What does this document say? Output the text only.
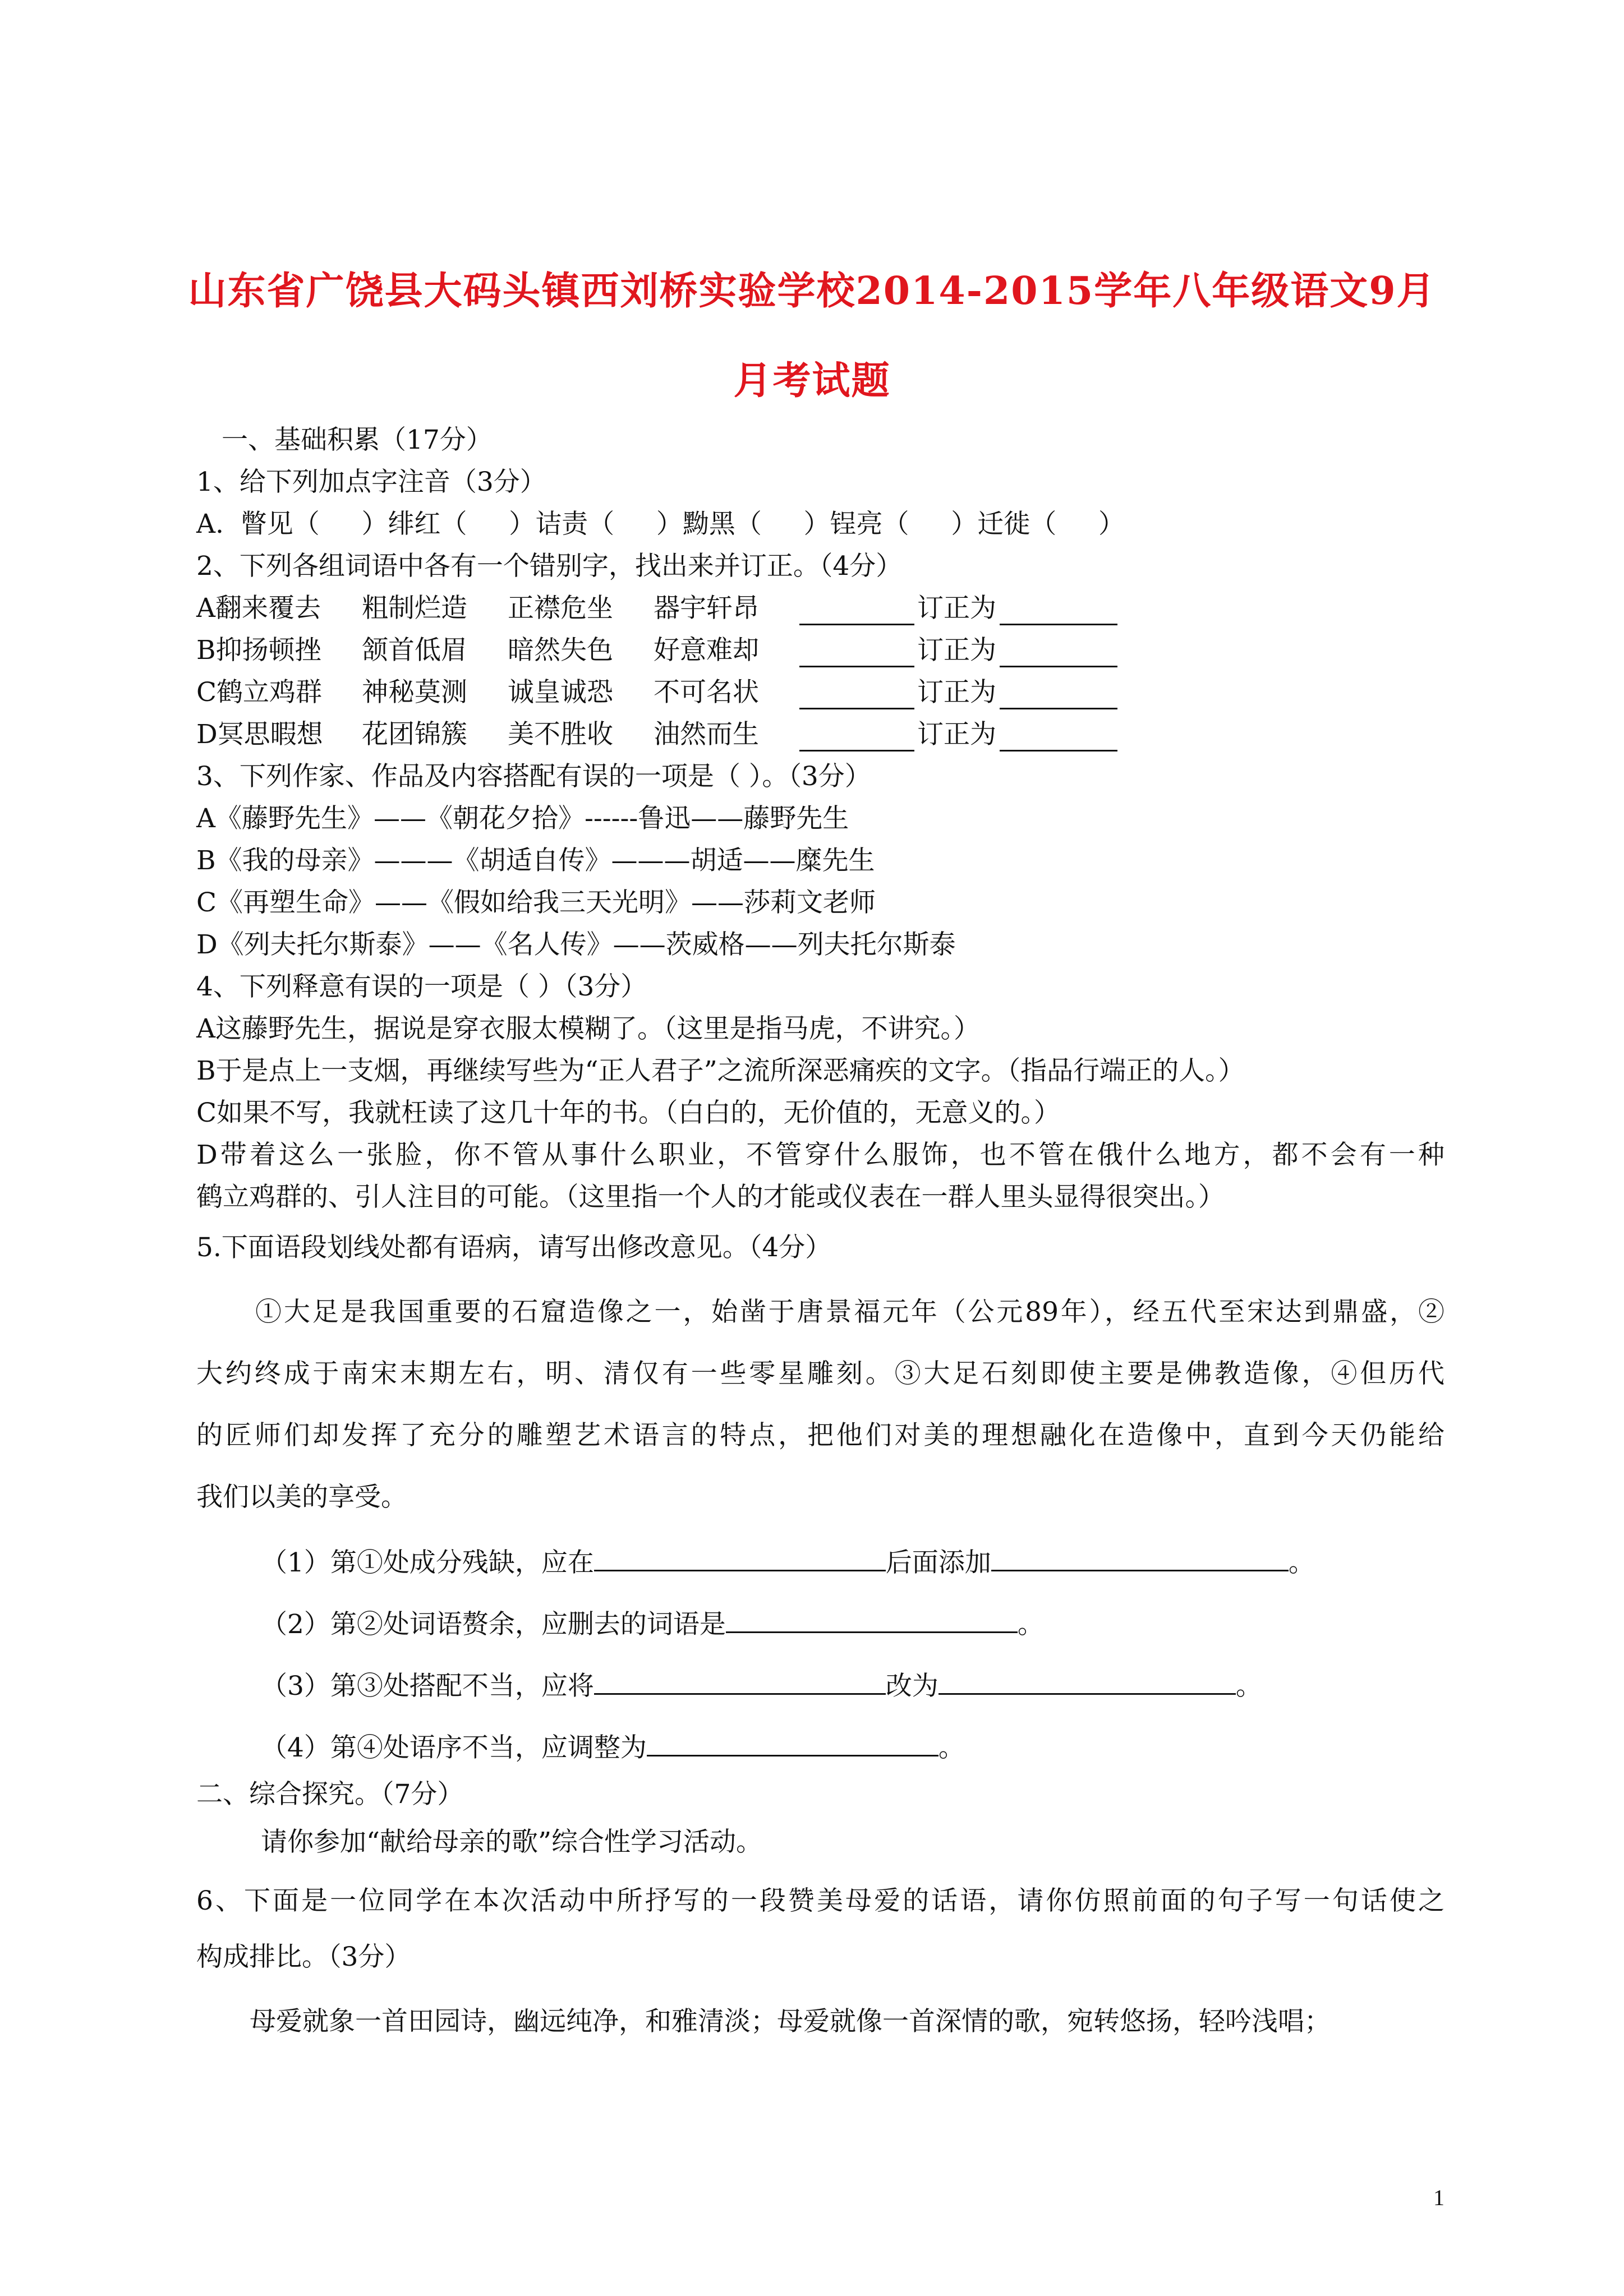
山东省广饶县大码头镇西刘桥实验学校2014-2015学年八年级语文9月
月考试题
一、基础积累（17分）
1、给下列加点字注音（3分）
A.  瞥见（     ）绯红（     ）诘责（     ）黝黑（     ）锃亮（     ）迁徙（     ）
2、下列各组词语中各有一个错别字，找出来并订正。（4分）
A翻来覆去 粗制烂造 正襟危坐 器宇轩昂	订正为
B抑扬顿挫 颔首低眉 暗然失色 好意难却	订正为
C鹤立鸡群 神秘莫测 诚皇诚恐 不可名状	订正为
D冥思暇想 花团锦簇 美不胜收 油然而生	订正为
3、下列作家、作品及内容搭配有误的一项是（ ）。（3分）
A《藤野先生》——《朝花夕拾》------鲁迅——藤野先生
B《我的母亲》———《胡适自传》———胡适——糜先生
C《再塑生命》——《假如给我三天光明》——莎莉文老师
D《列夫托尔斯泰》——《名人传》——茨威格——列夫托尔斯泰
4、下列释意有误的一项是（ ）（3分）
A这藤野先生，据说是穿衣服太模糊了。（这里是指马虎，不讲究。）
B于是点上一支烟，再继续写些为“正人君子”之流所深恶痛疾的文字。（指品行端正的人。）
C如果不写，我就枉读了这几十年的书。（白白的，无价值的，无意义的。）
D带着这么一张脸，你不管从事什么职业，不管穿什么服饰，也不管在俄什么地方，都不会有一种
鹤立鸡群的、引人注目的可能。（这里指一个人的才能或仪表在一群人里头显得很突出。）
5.下面语段划线处都有语病，请写出修改意见。（4分）
①大足是我国重要的石窟造像之一，始凿于唐景福元年（公元89年），经五代至宋达到鼎盛，②
大约终成于南宋末期左右，明、清仅有一些零星雕刻。③大足石刻即使主要是佛教造像，④但历代
的匠师们却发挥了充分的雕塑艺术语言的特点，把他们对美的理想融化在造像中，直到今天仍能给
我们以美的享受。
（1）第①处成分残缺，应在	后面添加	。
（2）第②处词语赘余，应删去的词语是	。
（3）第③处搭配不当，应将	改为	。
（4）第④处语序不当，应调整为	。
二、综合探究。（7分）
请你参加“献给母亲的歌”综合性学习活动。
6、下面是一位同学在本次活动中所抒写的一段赞美母爱的话语，请你仿照前面的句子写一句话使之
构成排比。（3分）
母爱就象一首田园诗，幽远纯净，和雅清淡；母爱就像一首深情的歌，宛转悠扬，轻吟浅唱；
1
